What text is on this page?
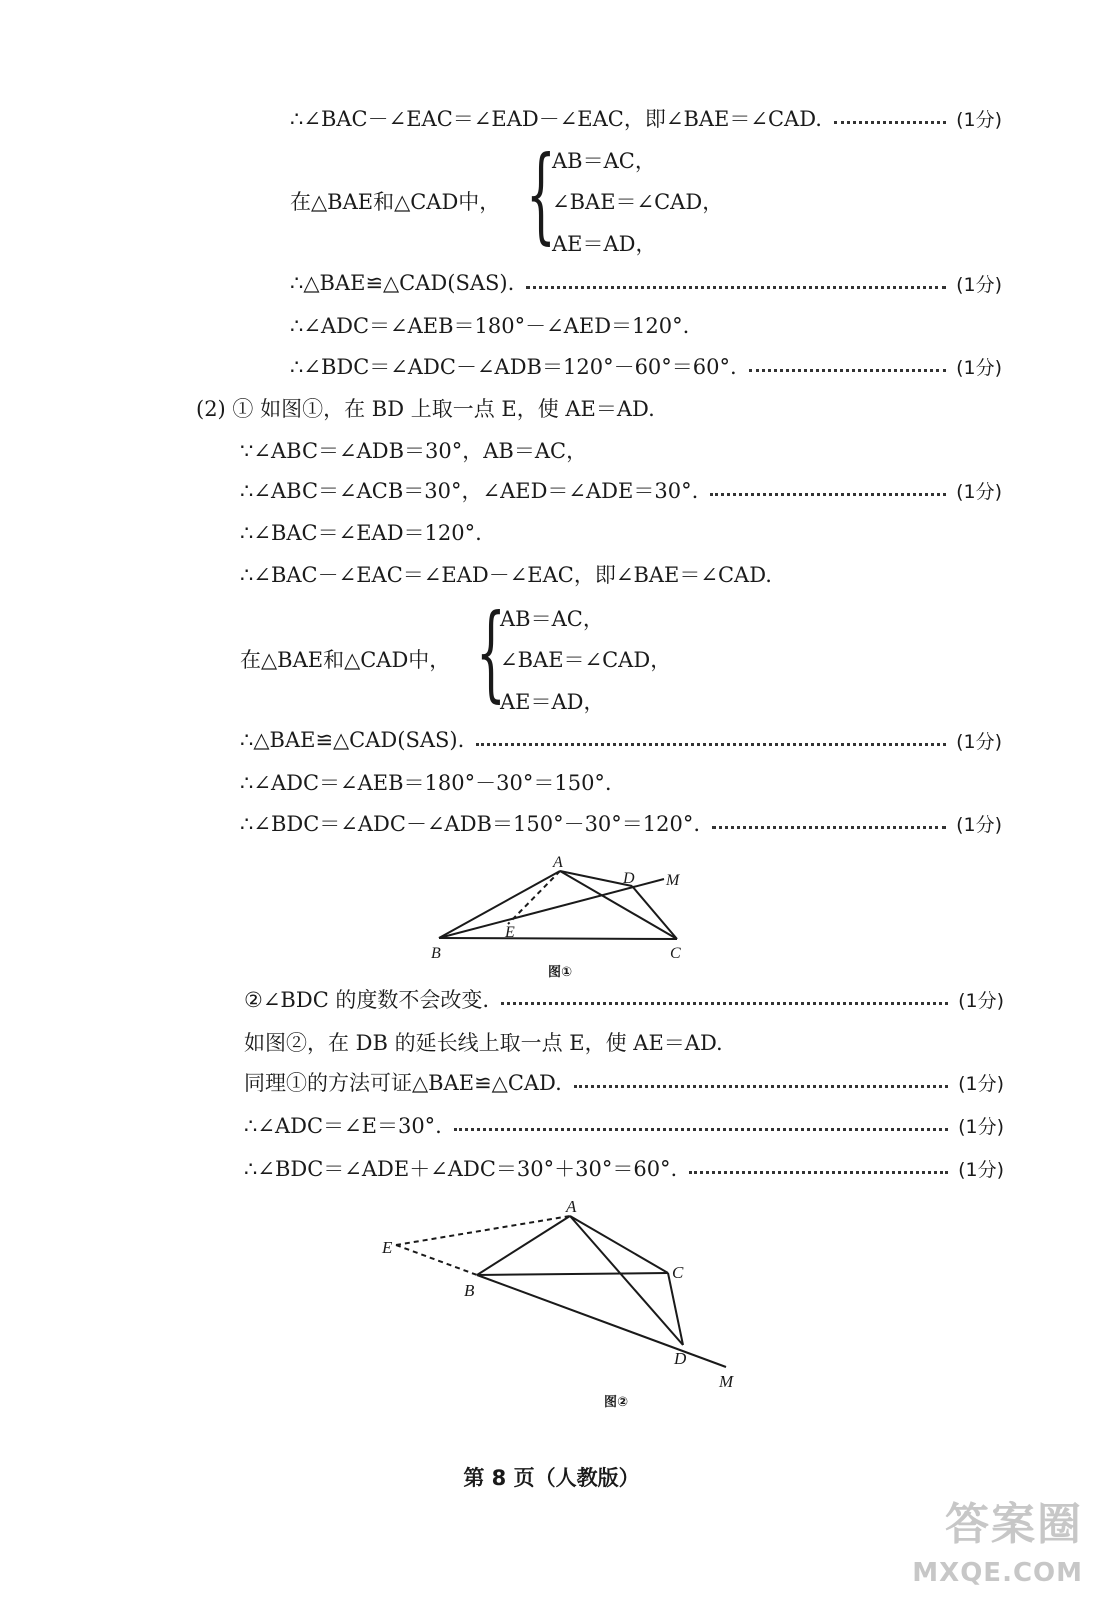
∴∠BAC－∠EAC＝∠EAD－∠EAC，即∠BAE＝∠CAD.	(1分)
在△BAE和△CAD中， {
AB＝AC，
∠BAE＝∠CAD，
AE＝AD，
∴△BAE≌△CAD(SAS).	(1分)
∴∠ADC＝∠AEB＝180°－∠AED＝120°.
∴∠BDC＝∠ADC－∠ADB＝120°－60°＝60°.	(1分)
(2) ① 如图①，在 BD 上取一点 E，使 AE＝AD.
∵∠ABC＝∠ADB＝30°，AB＝AC，
∴∠ABC＝∠ACB＝30°，∠AED＝∠ADE＝30°.	(1分)
∴∠BAC＝∠EAD＝120°.
∴∠BAC－∠EAC＝∠EAD－∠EAC，即∠BAE＝∠CAD.
在△BAE和△CAD中， {
AB＝AC，
∠BAE＝∠CAD，
AE＝AD，
∴△BAE≌△CAD(SAS).	(1分)
∴∠ADC＝∠AEB＝180°－30°＝150°.
∴∠BDC＝∠ADC－∠ADB＝150°－30°＝120°.	(1分)
A
B	C
D
E
M
图①
②∠BDC 的度数不会改变.	(1分)
如图②，在 DB 的延长线上取一点 E，使 AE＝AD.
同理①的方法可证△BAE≌△CAD.	(1分)
∴∠ADC＝∠E＝30°.	(1分)
∴∠BDC＝∠ADE＋∠ADC＝30°＋30°＝60°.	(1分)
A
B
C
D
E
M
图②
第 8 页（人教版）
答案圈
MXQE.COM
